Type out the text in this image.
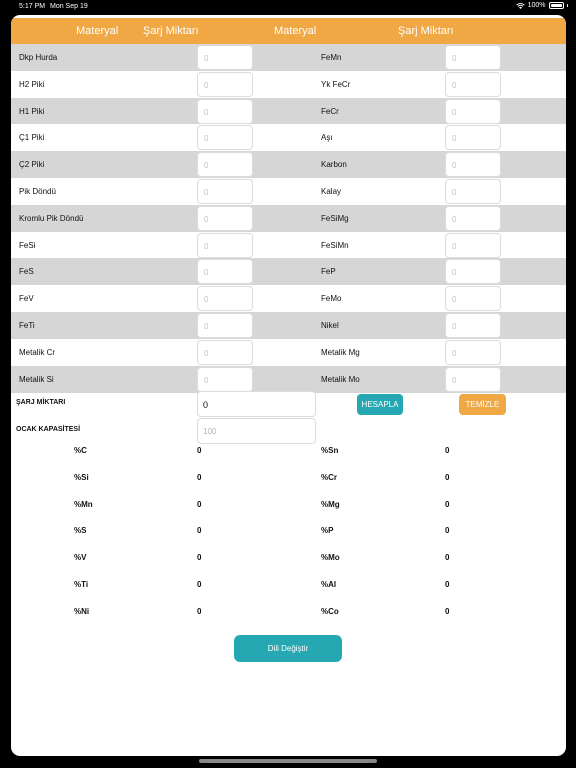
5:17 PM Mon Sep 19	100%
Materyal Şarj Miktarı	Materyal	Şarj Miktarı
Dkp Hurda	0	FeMn	0
H2 Piki	0	Yk FeCr	0
H1 Piki	0	FeCr	0
Ç1 Piki	0	Aşı	0
Ç2 Piki	0	Karbon	0
Pik Döndü	0	Kalay	0
Kromlu Pik Döndü	0	FeSiMg	0
FeSi	0	FeSiMn	0
FeS	0	FeP	0
FeV	0	FeMo	0
FeTi	0	Nikel	0
Metalik Cr	0	Metalik Mg	0
Metalik Si	0	Metalik Mo	0
ŞARJ MİKTARI	0	HESAPLA	TEMİZLE
OCAK KAPASİTESİ	100
%C	0	%Sn	0
%Si	0	%Cr	0
%Mn	0	%Mg	0
%S	0	%P	0
%V	0	%Mo	0
%Ti	0	%Al	0
%Ni	0	%Co	0
Dili Değiştir
